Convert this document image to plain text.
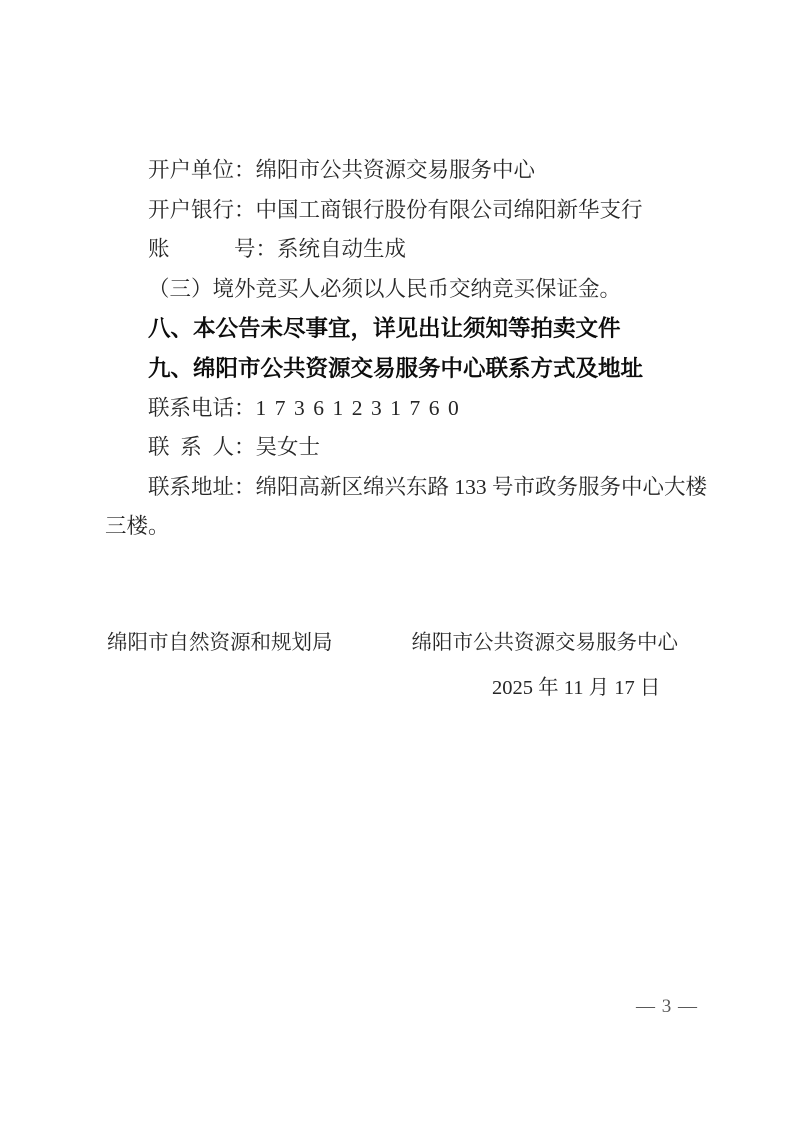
开户单位：绵阳市公共资源交易服务中心
开户银行：中国工商银行股份有限公司绵阳新华支行
账　　　号：系统自动生成
（三）境外竞买人必须以人民币交纳竞买保证金。
八、本公告未尽事宜，详见出让须知等拍卖文件
九、绵阳市公共资源交易服务中心联系方式及地址
联系电话：17361231760
联  系  人：吴女士
联系地址：绵阳高新区绵兴东路 133 号市政务服务中心大楼
三楼。
绵阳市自然资源和规划局	绵阳市公共资源交易服务中心
2025 年 11 月 17 日
— 3 —
